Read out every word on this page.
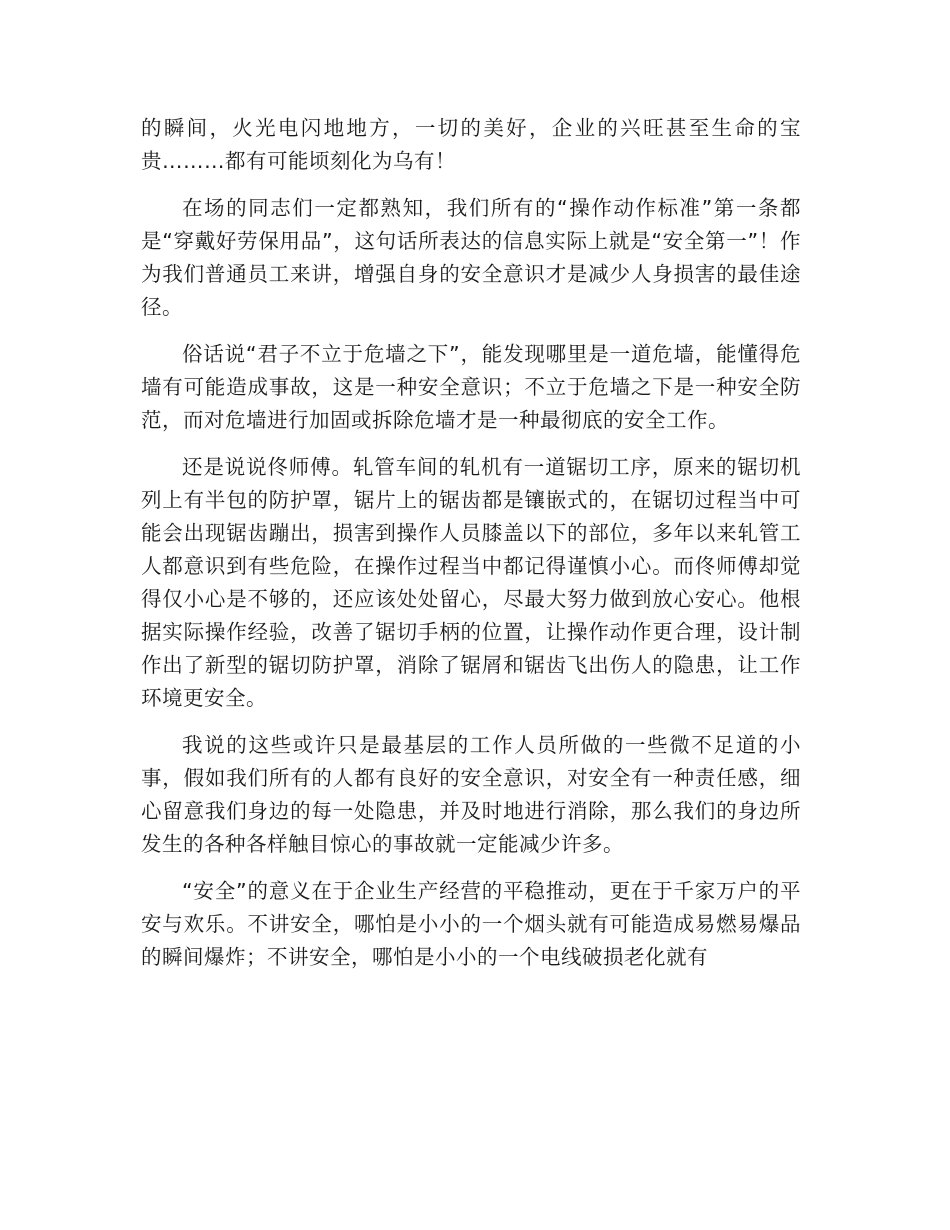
的瞬间，火光电闪地地方，一切的美好，企业的兴旺甚至生命的宝贵………都有可能顷刻化为乌有！

在场的同志们一定都熟知，我们所有的“操作动作标准”第一条都是“穿戴好劳保用品”，这句话所表达的信息实际上就是“安全第一”！作为我们普通员工来讲，增强自身的安全意识才是减少人身损害的最佳途径。

俗话说“君子不立于危墙之下”，能发现哪里是一道危墙，能懂得危墙有可能造成事故，这是一种安全意识；不立于危墙之下是一种安全防范，而对危墙进行加固或拆除危墙才是一种最彻底的安全工作。

还是说说佟师傅。轧管车间的轧机有一道锯切工序，原来的锯切机列上有半包的防护罩，锯片上的锯齿都是镶嵌式的，在锯切过程当中可能会出现锯齿蹦出，损害到操作人员膝盖以下的部位，多年以来轧管工人都意识到有些危险，在操作过程当中都记得谨慎小心。而佟师傅却觉得仅小心是不够的，还应该处处留心，尽最大努力做到放心安心。他根据实际操作经验，改善了锯切手柄的位置，让操作动作更合理，设计制作出了新型的锯切防护罩，消除了锯屑和锯齿飞出伤人的隐患，让工作环境更安全。

我说的这些或许只是最基层的工作人员所做的一些微不足道的小事，假如我们所有的人都有良好的安全意识，对安全有一种责任感，细心留意我们身边的每一处隐患，并及时地进行消除，那么我们的身边所发生的各种各样触目惊心的事故就一定能减少许多。

“安全”的意义在于企业生产经营的平稳推动，更在于千家万户的平安与欢乐。不讲安全，哪怕是小小的一个烟头就有可能造成易燃易爆品的瞬间爆炸；不讲安全，哪怕是小小的一个电线破损老化就有
